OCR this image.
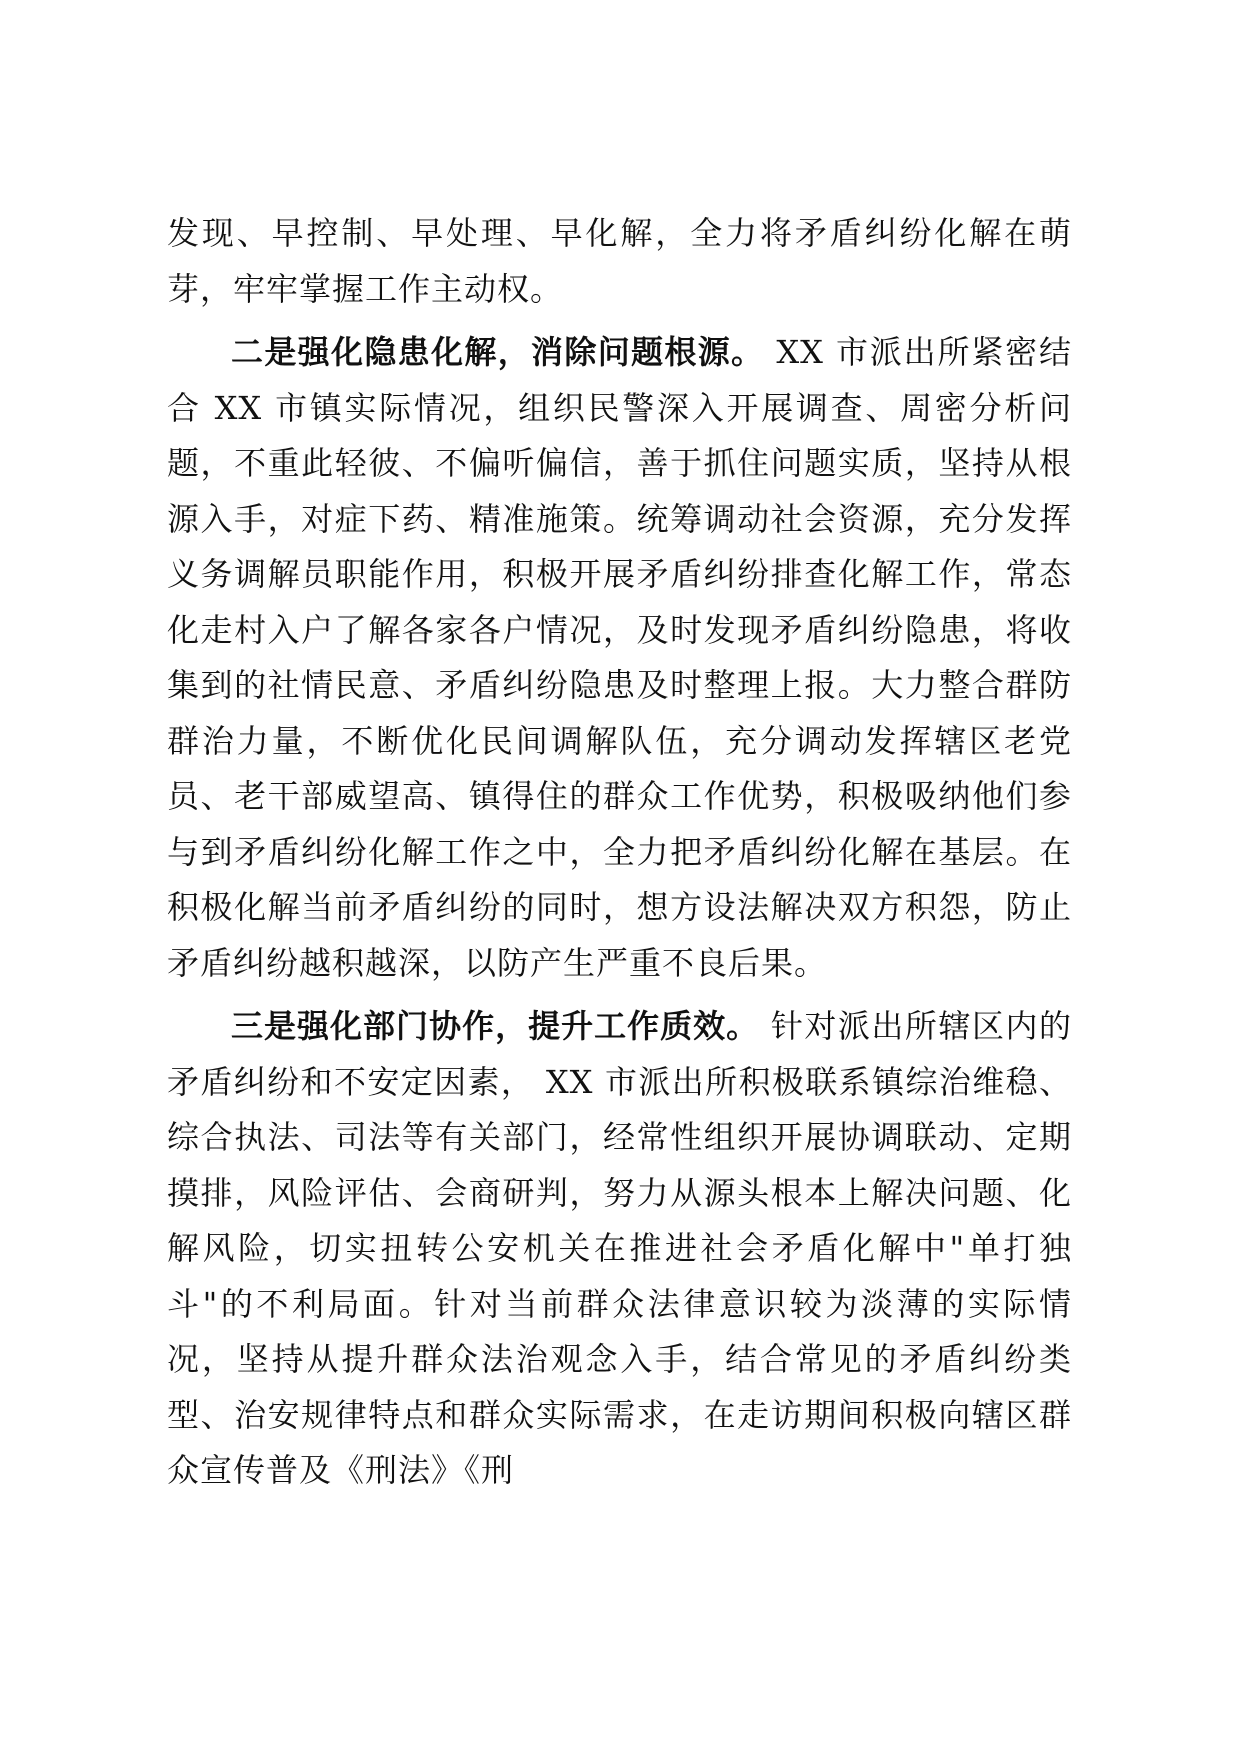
发现、早控制、早处理、早化解，全力将矛盾纠纷化解在萌芽，牢牢掌握工作主动权。

二是强化隐患化解，消除问题根源。 XX 市派出所紧密结合 XX 市镇实际情况，组织民警深入开展调查、周密分析问题，不重此轻彼、不偏听偏信，善于抓住问题实质，坚持从根源入手，对症下药、精准施策。统筹调动社会资源，充分发挥义务调解员职能作用，积极开展矛盾纠纷排查化解工作，常态化走村入户了解各家各户情况，及时发现矛盾纠纷隐患，将收集到的社情民意、矛盾纠纷隐患及时整理上报。大力整合群防群治力量，不断优化民间调解队伍，充分调动发挥辖区老党员、老干部威望高、镇得住的群众工作优势，积极吸纳他们参与到矛盾纠纷化解工作之中，全力把矛盾纠纷化解在基层。在积极化解当前矛盾纠纷的同时，想方设法解决双方积怨，防止矛盾纠纷越积越深，以防产生严重不良后果。

三是强化部门协作，提升工作质效。 针对派出所辖区内的矛盾纠纷和不安定因素， XX 市派出所积极联系镇综治维稳、综合执法、司法等有关部门，经常性组织开展协调联动、定期摸排，风险评估、会商研判，努力从源头根本上解决问题、化解风险，切实扭转公安机关在推进社会矛盾化解中"单打独斗"的不利局面。针对当前群众法律意识较为淡薄的实际情况，坚持从提升群众法治观念入手，结合常见的矛盾纠纷类型、治安规律特点和群众实际需求，在走访期间积极向辖区群众宣传普及《刑法》《刑
